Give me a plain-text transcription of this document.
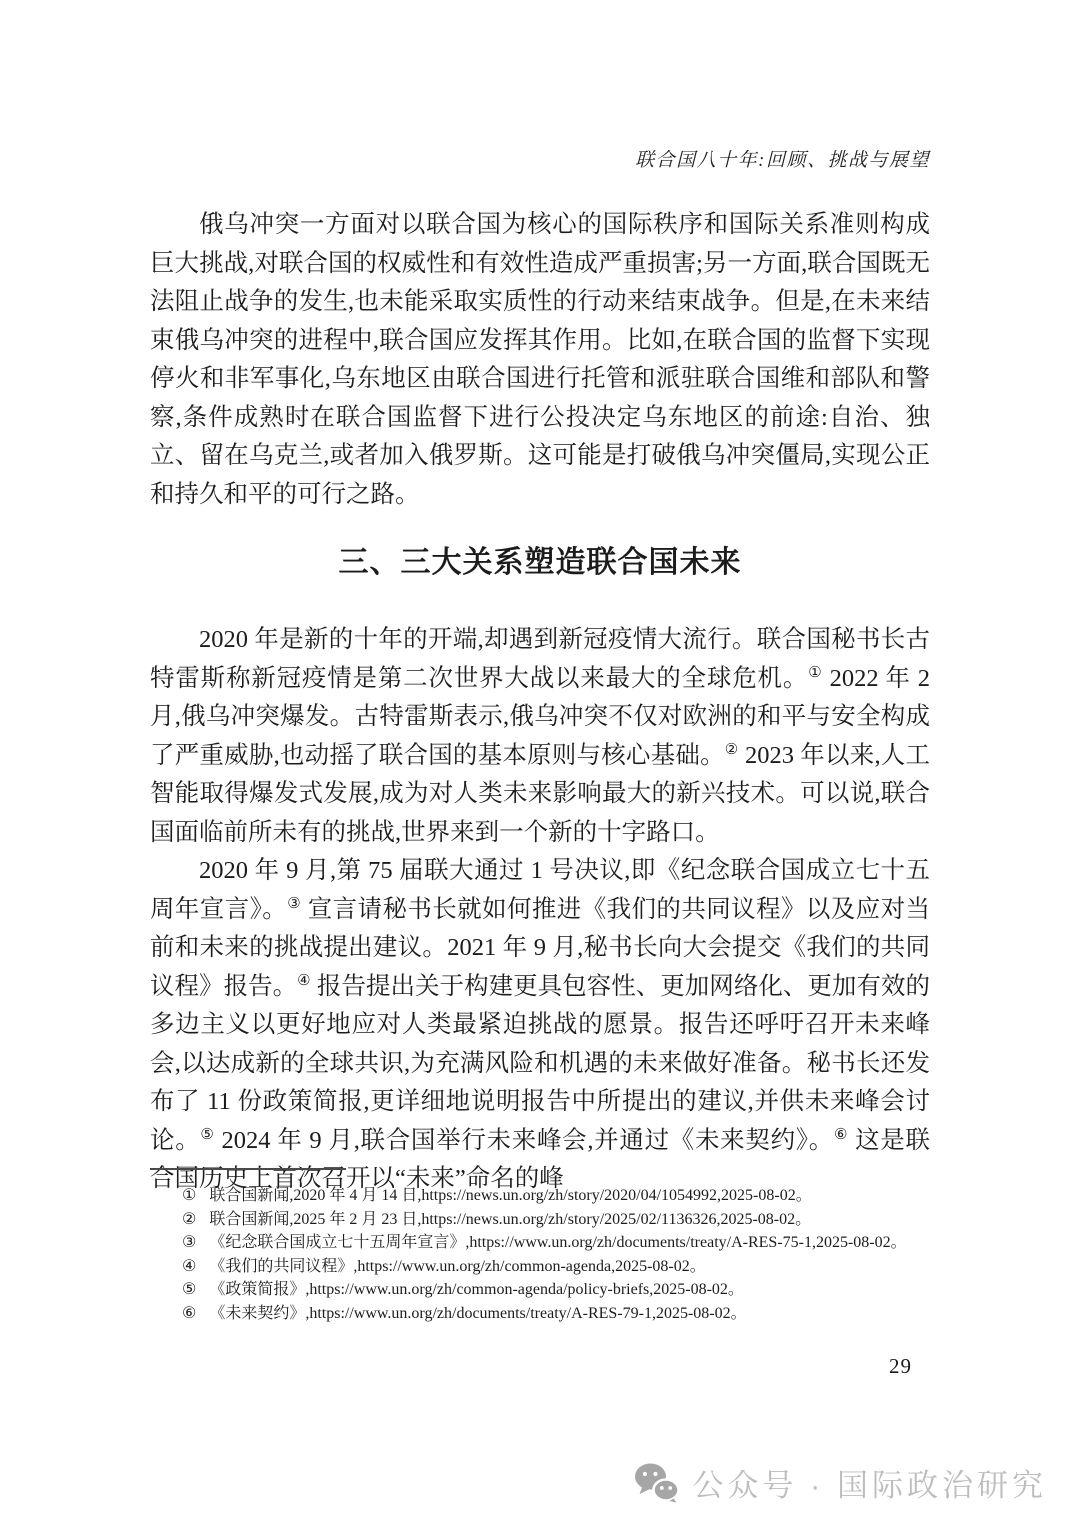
联合国八十年:回顾、挑战与展望
俄乌冲突一方面对以联合国为核心的国际秩序和国际关系准则构成巨大挑战,对联合国的权威性和有效性造成严重损害;另一方面,联合国既无法阻止战争的发生,也未能采取实质性的行动来结束战争。但是,在未来结束俄乌冲突的进程中,联合国应发挥其作用。比如,在联合国的监督下实现停火和非军事化,乌东地区由联合国进行托管和派驻联合国维和部队和警察,条件成熟时在联合国监督下进行公投决定乌东地区的前途:自治、独立、留在乌克兰,或者加入俄罗斯。这可能是打破俄乌冲突僵局,实现公正和持久和平的可行之路。
三、三大关系塑造联合国未来
2020 年是新的十年的开端,却遇到新冠疫情大流行。联合国秘书长古特雷斯称新冠疫情是第二次世界大战以来最大的全球危机。① 2022 年 2 月,俄乌冲突爆发。古特雷斯表示,俄乌冲突不仅对欧洲的和平与安全构成了严重威胁,也动摇了联合国的基本原则与核心基础。② 2023 年以来,人工智能取得爆发式发展,成为对人类未来影响最大的新兴技术。可以说,联合国面临前所未有的挑战,世界来到一个新的十字路口。
2020 年 9 月,第 75 届联大通过 1 号决议,即《纪念联合国成立七十五周年宣言》。③ 宣言请秘书长就如何推进《我们的共同议程》以及应对当前和未来的挑战提出建议。2021 年 9 月,秘书长向大会提交《我们的共同议程》报告。④ 报告提出关于构建更具包容性、更加网络化、更加有效的多边主义以更好地应对人类最紧迫挑战的愿景。报告还呼吁召开未来峰会,以达成新的全球共识,为充满风险和机遇的未来做好准备。秘书长还发布了 11 份政策简报,更详细地说明报告中所提出的建议,并供未来峰会讨论。⑤ 2024 年 9 月,联合国举行未来峰会,并通过《未来契约》。⑥ 这是联合国历史上首次召开以“未来”命名的峰
① 联合国新闻,2020 年 4 月 14 日,https://news.un.org/zh/story/2020/04/1054992,2025-08-02。
② 联合国新闻,2025 年 2 月 23 日,https://news.un.org/zh/story/2025/02/1136326,2025-08-02。
③ 《纪念联合国成立七十五周年宣言》,https://www.un.org/zh/documents/treaty/A-RES-75-1,2025-08-02。
④ 《我们的共同议程》,https://www.un.org/zh/common-agenda,2025-08-02。
⑤ 《政策简报》,https://www.un.org/zh/common-agenda/policy-briefs,2025-08-02。
⑥ 《未来契约》,https://www.un.org/zh/documents/treaty/A-RES-79-1,2025-08-02。
29
公众号 · 国际政治研究
